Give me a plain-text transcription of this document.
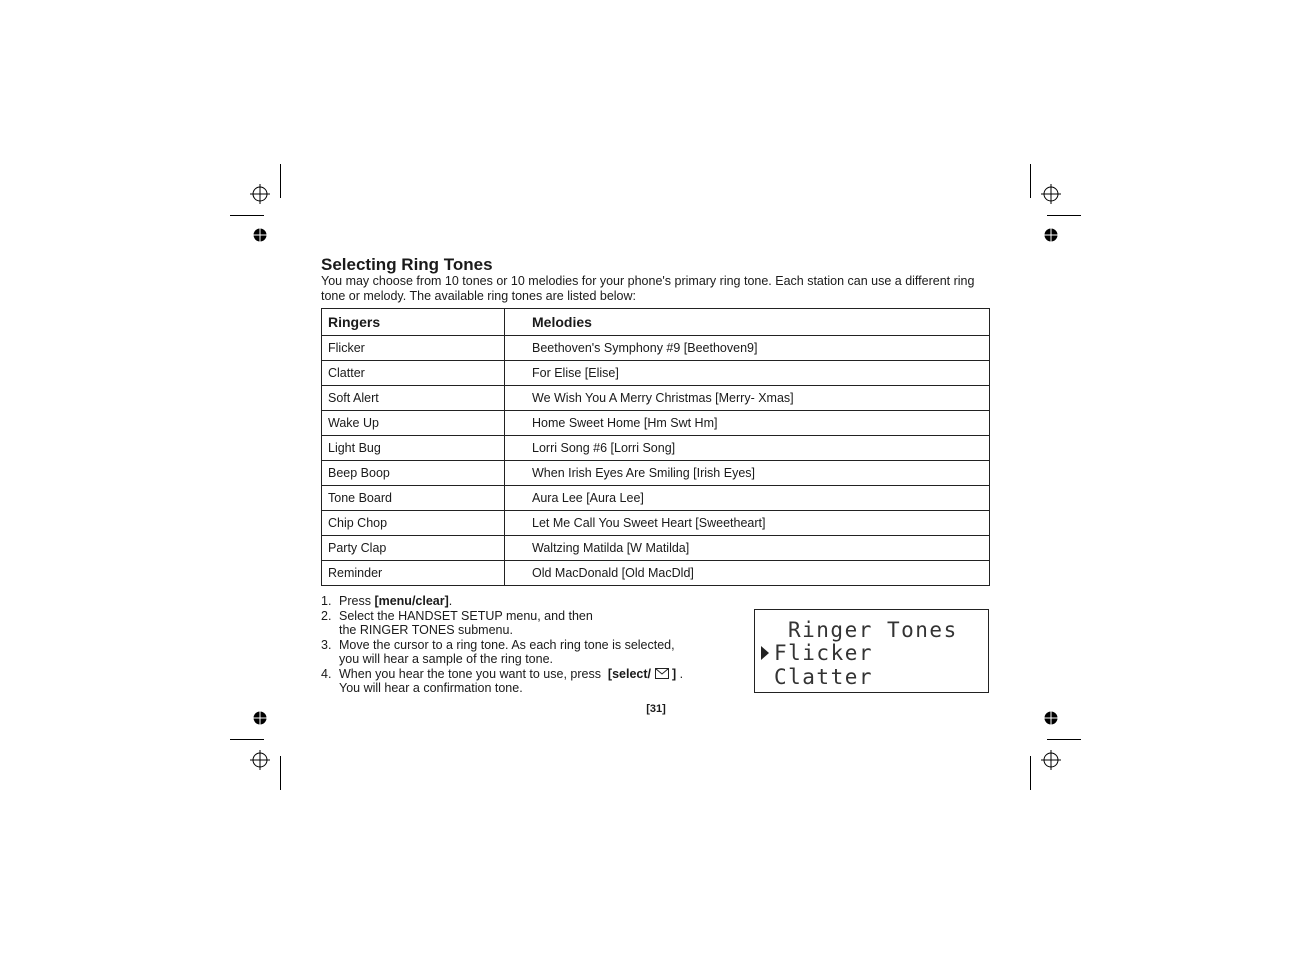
Selecting Ring Tones

You may choose from 10 tones or 10 melodies for your phone's primary ring tone. Each station can use a different ring tone or melody. The available ring tones are listed below:

Ringers	Melodies
Flicker	Beethoven's Symphony #9 [Beethoven9]
Clatter	For Elise [Elise]
Soft Alert	We Wish You A Merry Christmas [Merry- Xmas]
Wake Up	Home Sweet Home [Hm Swt Hm]
Light Bug	Lorri Song #6 [Lorri Song]
Beep Boop	When Irish Eyes Are Smiling [Irish Eyes]
Tone Board	Aura Lee [Aura Lee]
Chip Chop	Let Me Call You Sweet Heart [Sweetheart]
Party Clap	Waltzing Matilda [W Matilda]
Reminder	Old MacDonald [Old MacDld]
1. Press [menu/clear].
2. Select the HANDSET SETUP menu, and then
the RINGER TONES submenu.
3. Move the cursor to a ring tone. As each ring tone is selected,
you will hear a sample of the ring tone.
4. When you hear the tone you want to use, press  [select/ ] .
You will hear a confirmation tone.
Ringer Tones
Flicker
Clatter
[31]
